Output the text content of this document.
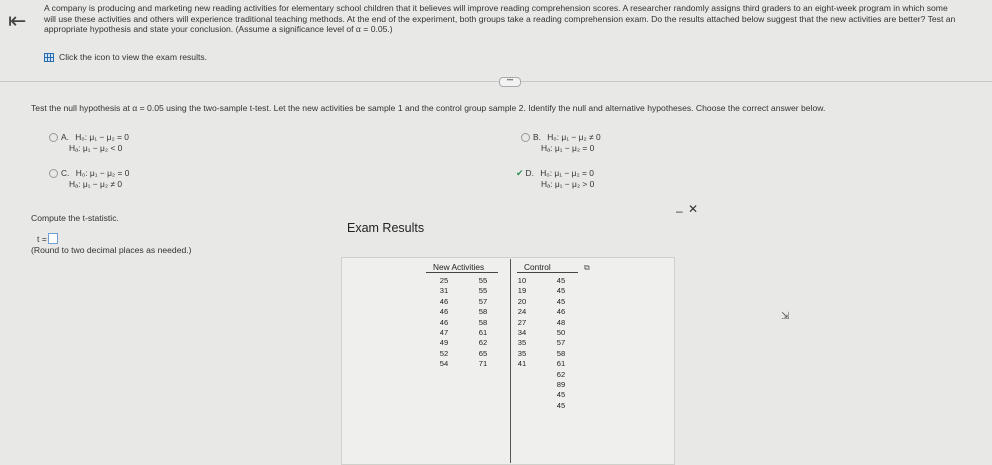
⇤ A company is producing and marketing new reading activities for elementary school children that it believes will improve reading comprehension scores. A researcher randomly assigns third graders to an eight-week program in which some
will use these activities and others will experience traditional teaching methods. At the end of the experiment, both groups take a reading comprehension exam. Do the results attached below suggest that the new activities are better? Test an
appropriate hypothesis and state your conclusion. (Assume a significance level of α = 0.05.)
Click the icon to view the exam results.
•••
Test the null hypothesis at α = 0.05 using the two-sample t-test. Let the new activities be sample 1 and the control group sample 2. Identify the null and alternative hypotheses. Choose the correct answer below.
A. H₀: μ₁ − μ₂ = 0
Hₐ: μ₁ − μ₂ < 0
B. H₀: μ₁ − μ₂ ≠ 0
Hₐ: μ₁ − μ₂ = 0
C. H₀: μ₁ − μ₂ = 0
Hₐ: μ₁ − μ₂ ≠ 0
✔ D. H₀: μ₁ − μ₂ = 0
Hₐ: μ₁ − μ₂ > 0
Compute the t-statistic.
t =
(Round to two decimal places as needed.)
Exam Results
– ✕
⧉
New Activities	Control
25
31
46
46
46
47
49
52
54
55
55
57
58
58
61
62
65
71
10
19
20
24
27
34
35
35
41
45
45
45
46
48
50
57
58
61
62
89
45
45
⇲
